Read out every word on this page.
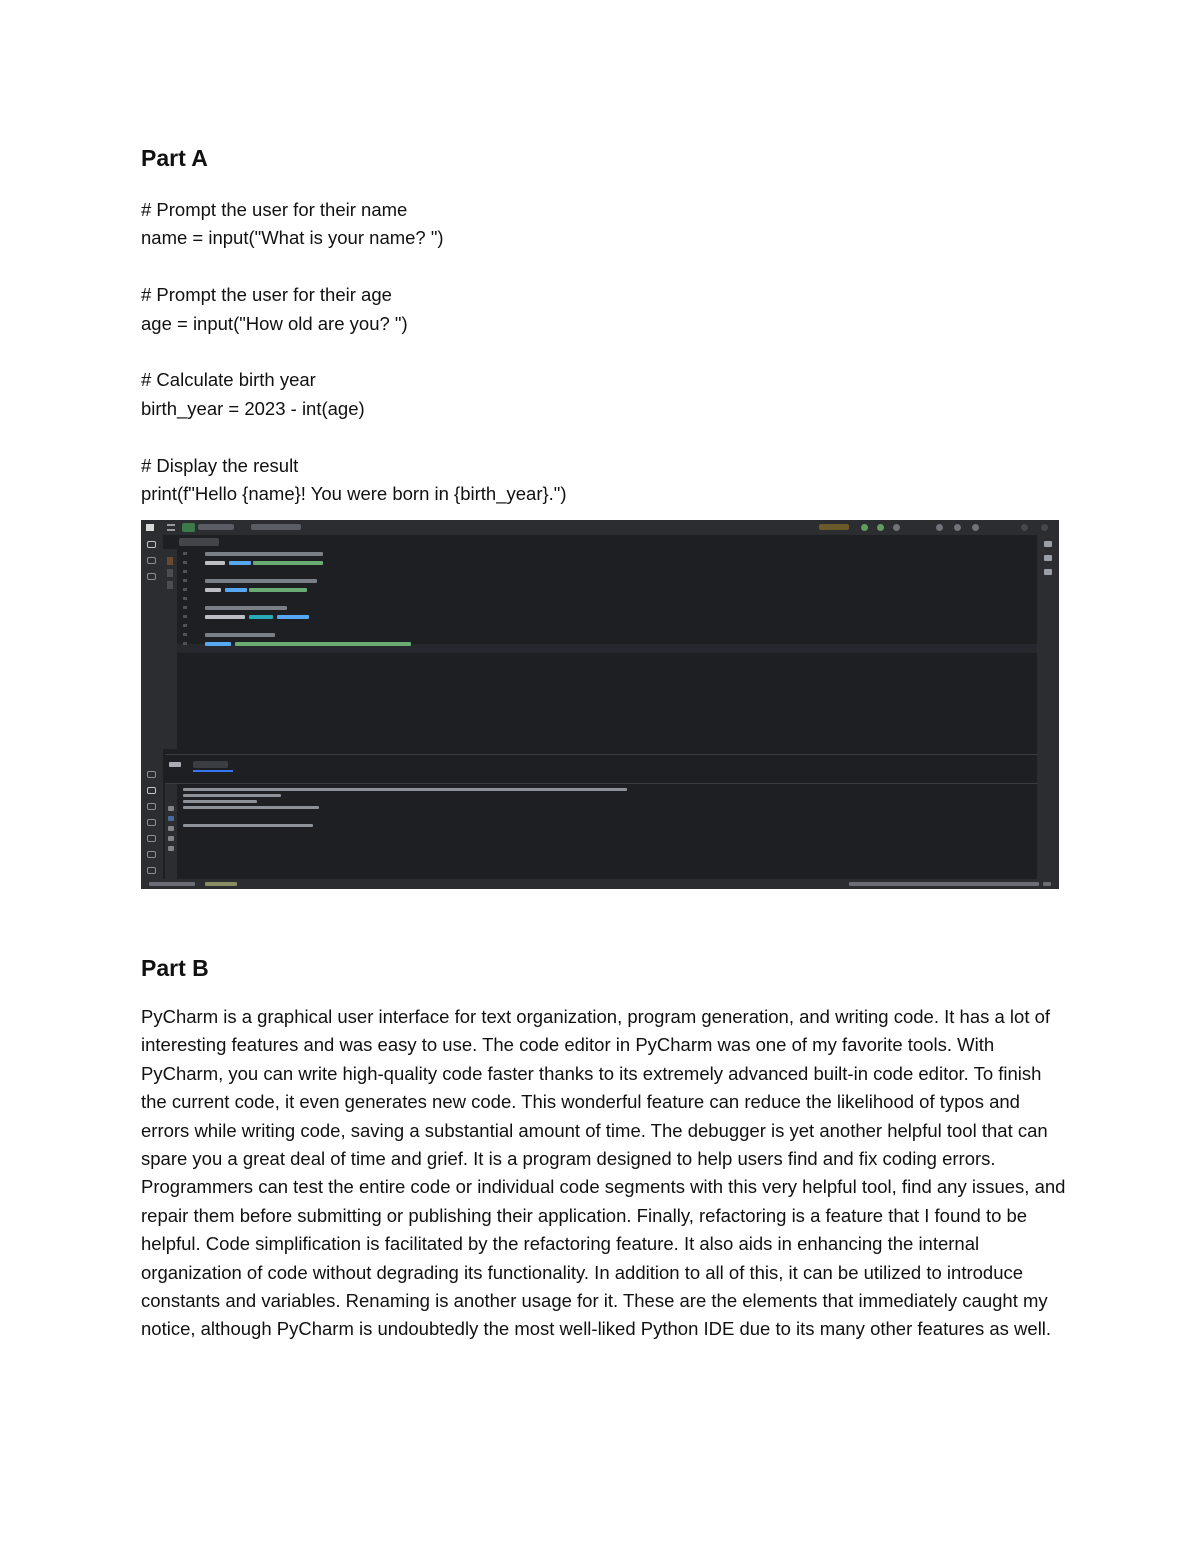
Part A
# Prompt the user for their name
name = input("What is your name? ")
# Prompt the user for their age
age = input("How old are you? ")
# Calculate birth year
birth_year = 2023 - int(age)
# Display the result
print(f"Hello {name}! You were born in {birth_year}.")
Part B

PyCharm is a graphical user interface for text organization, program generation, and writing code. It has a lot of interesting features and was easy to use. The code editor in PyCharm was one of my favorite tools. With PyCharm, you can write high-quality code faster thanks to its extremely advanced built-in code editor. To finish the current code, it even generates new code. This wonderful feature can reduce the likelihood of typos and errors while writing code, saving a substantial amount of time. The debugger is yet another helpful tool that can spare you a great deal of time and grief. It is a program designed to help users find and fix coding errors. Programmers can test the entire code or individual code segments with this very helpful tool, find any issues, and repair them before submitting or publishing their application. Finally, refactoring is a feature that I found to be helpful. Code simplification is facilitated by the refactoring feature. It also aids in enhancing the internal organization of code without degrading its functionality. In addition to all of this, it can be utilized to introduce constants and variables. Renaming is another usage for it. These are the elements that immediately caught my notice, although PyCharm is undoubtedly the most well-liked Python IDE due to its many other features as well.
